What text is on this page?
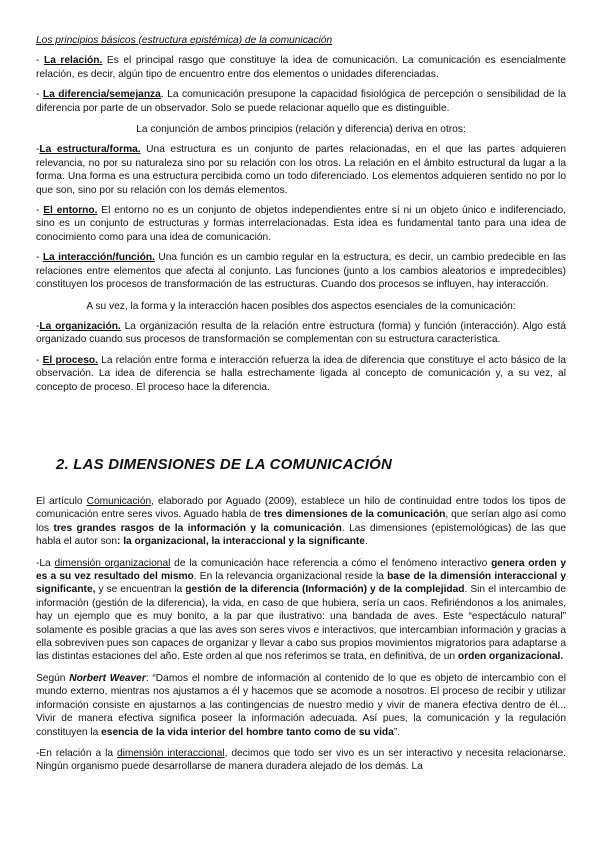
Los principios básicos (estructura epistémica) de la comunicación

- La relación. Es el principal rasgo que constituye la idea de comunicación. La comunicación es esencialmente relación, es decir, algún tipo de encuentro entre dos elementos o unidades diferenciadas.

- La diferencia/semejanza. La comunicación presupone la capacidad fisiológica de percepción o sensibilidad de la diferencia por parte de un observador. Solo se puede relacionar aquello que es distinguible.

La conjunción de ambos principios (relación y diferencia) deriva en otros:

-La estructura/forma. Una estructura es un conjunto de partes relacionadas, en el que las partes adquieren relevancia, no por su naturaleza sino por su relación con los otros. La relación en el ámbito estructural da lugar a la forma. Una forma es una estructura percibida como un todo diferenciado. Los elementos adquieren sentido no por lo que son, sino por su relación con los demás elementos.

- El entorno. El entorno no es un conjunto de objetos independientes entre sí ni un objeto único e indiferenciado, sino es un conjunto de estructuras y formas interrelacionadas. Esta idea es fundamental tanto para una idea de conocimiento como para una idea de comunicación.

- La interacción/función. Una función es un cambio regular en la estructura, es decir, un cambio predecible en las relaciones entre elementos que afecta al conjunto. Las funciones (junto a los cambios aleatorios e impredecibles) constituyen los procesos de transformación de las estructuras. Cuando dos procesos se influyen, hay interacción.

A su vez, la forma y la interacción hacen posibles dos aspectos esenciales de la comunicación:

-La organización. La organización resulta de la relación entre estructura (forma) y función (interacción). Algo está organizado cuando sus procesos de transformación se complementan con su estructura característica.

- El proceso. La relación entre forma e interacción refuerza la idea de diferencia que constituye el acto básico de la observación. La idea de diferencia se halla estrechamente ligada al concepto de comunicación y, a su vez, al concepto de proceso. El proceso hace la diferencia.

2. LAS DIMENSIONES DE LA COMUNICACIÓN

El artículo Comunicación, elaborado por Aguado (2009), establece un hilo de continuidad entre todos los tipos de comunicación entre seres vivos. Aguado habla de tres dimensiones de la comunicación, que serían algo así como los tres grandes rasgos de la información y la comunicación. Las dimensiones (epistemológicas) de las que habla el autor son: la organizacional, la interaccional y la significante.

-La dimensión organizacional de la comunicación hace referencia a cómo el fenómeno interactivo genera orden y es a su vez resultado del mismo. En la relevancia organizacional reside la base de la dimensión interaccional y significante, y se encuentran la gestión de la diferencia (Información) y de la complejidad. Sin el intercambio de información (gestión de la diferencia), la vida, en caso de que hubiera, sería un caos. Refiriéndonos a los animales, hay un ejemplo que es muy bonito, a la par que ilustrativo: una bandada de aves. Este “espectáculo natural” solamente es posible gracias a que las aves son seres vivos e interactivos, que intercambian información y gracias a ella sobreviven pues son capaces de organizar y llevar a cabo sus propios movimientos migratorios para adaptarse a las distintas estaciones del año. Este orden al que nos referimos se trata, en definitiva, de un orden organizacional.

Según Norbert Weaver: “Damos el nombre de información al contenido de lo que es objeto de intercambio con el mundo externo, mientras nos ajustamos a él y hacemos que se acomode a nosotros. El proceso de recibir y utilizar información consiste en ajustarnos a las contingencias de nuestro medio y vivir de manera efectiva dentro de él... Vivir de manera efectiva significa poseer la información adecuada. Así pues, la comunicación y la regulación constituyen la esencia de la vida interior del hombre tanto como de su vida”.

-En relación a la dimensión interaccional, decimos que todo ser vivo es un ser interactivo y necesita relacionarse. Ningún organismo puede desarrollarse de manera duradera alejado de los demás. La
